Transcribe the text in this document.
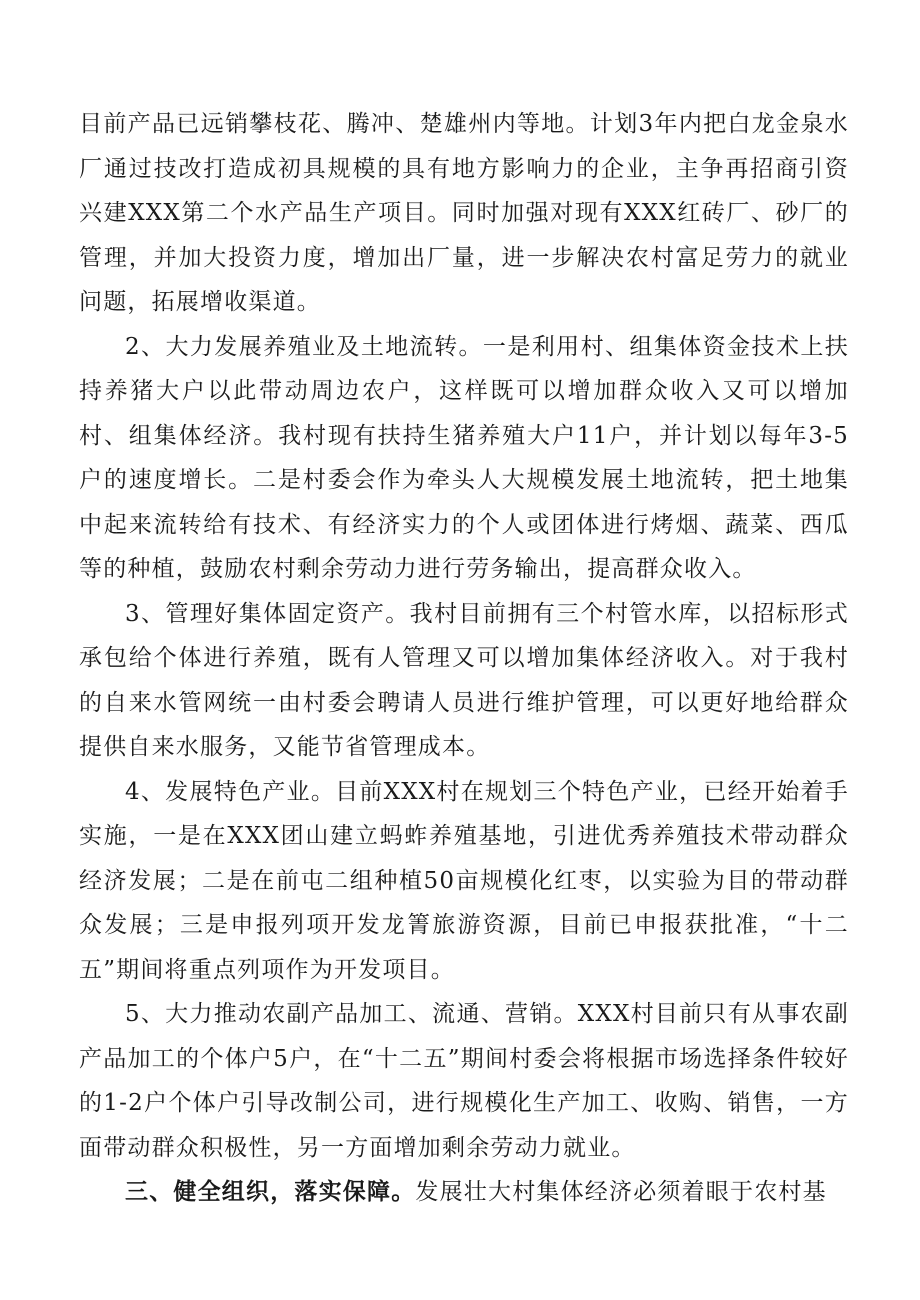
目前产品已远销攀枝花、腾冲、楚雄州内等地。计划3年内把白龙金泉水厂通过技改打造成初具规模的具有地方影响力的企业，主争再招商引资兴建XXX第二个水产品生产项目。同时加强对现有XXX红砖厂、砂厂的管理，并加大投资力度，增加出厂量，进一步解决农村富足劳力的就业问题，拓展增收渠道。

2、大力发展养殖业及土地流转。一是利用村、组集体资金技术上扶持养猪大户以此带动周边农户，这样既可以增加群众收入又可以增加村、组集体经济。我村现有扶持生猪养殖大户11户，并计划以每年3-5户的速度增长。二是村委会作为牵头人大规模发展土地流转，把土地集中起来流转给有技术、有经济实力的个人或团体进行烤烟、蔬菜、西瓜等的种植，鼓励农村剩余劳动力进行劳务输出，提高群众收入。

3、管理好集体固定资产。我村目前拥有三个村管水库，以招标形式承包给个体进行养殖，既有人管理又可以增加集体经济收入。对于我村的自来水管网统一由村委会聘请人员进行维护管理，可以更好地给群众提供自来水服务，又能节省管理成本。

4、发展特色产业。目前XXX村在规划三个特色产业，已经开始着手实施，一是在XXX团山建立蚂蚱养殖基地，引进优秀养殖技术带动群众经济发展；二是在前屯二组种植50亩规模化红枣，以实验为目的带动群众发展；三是申报列项开发龙箐旅游资源，目前已申报获批准，“十二五”期间将重点列项作为开发项目。

5、大力推动农副产品加工、流通、营销。XXX村目前只有从事农副产品加工的个体户5户，在“十二五”期间村委会将根据市场选择条件较好的1-2户个体户引导改制公司，进行规模化生产加工、收购、销售，一方面带动群众积极性，另一方面增加剩余劳动力就业。

三、健全组织，落实保障。发展壮大村集体经济必须着眼于农村基
